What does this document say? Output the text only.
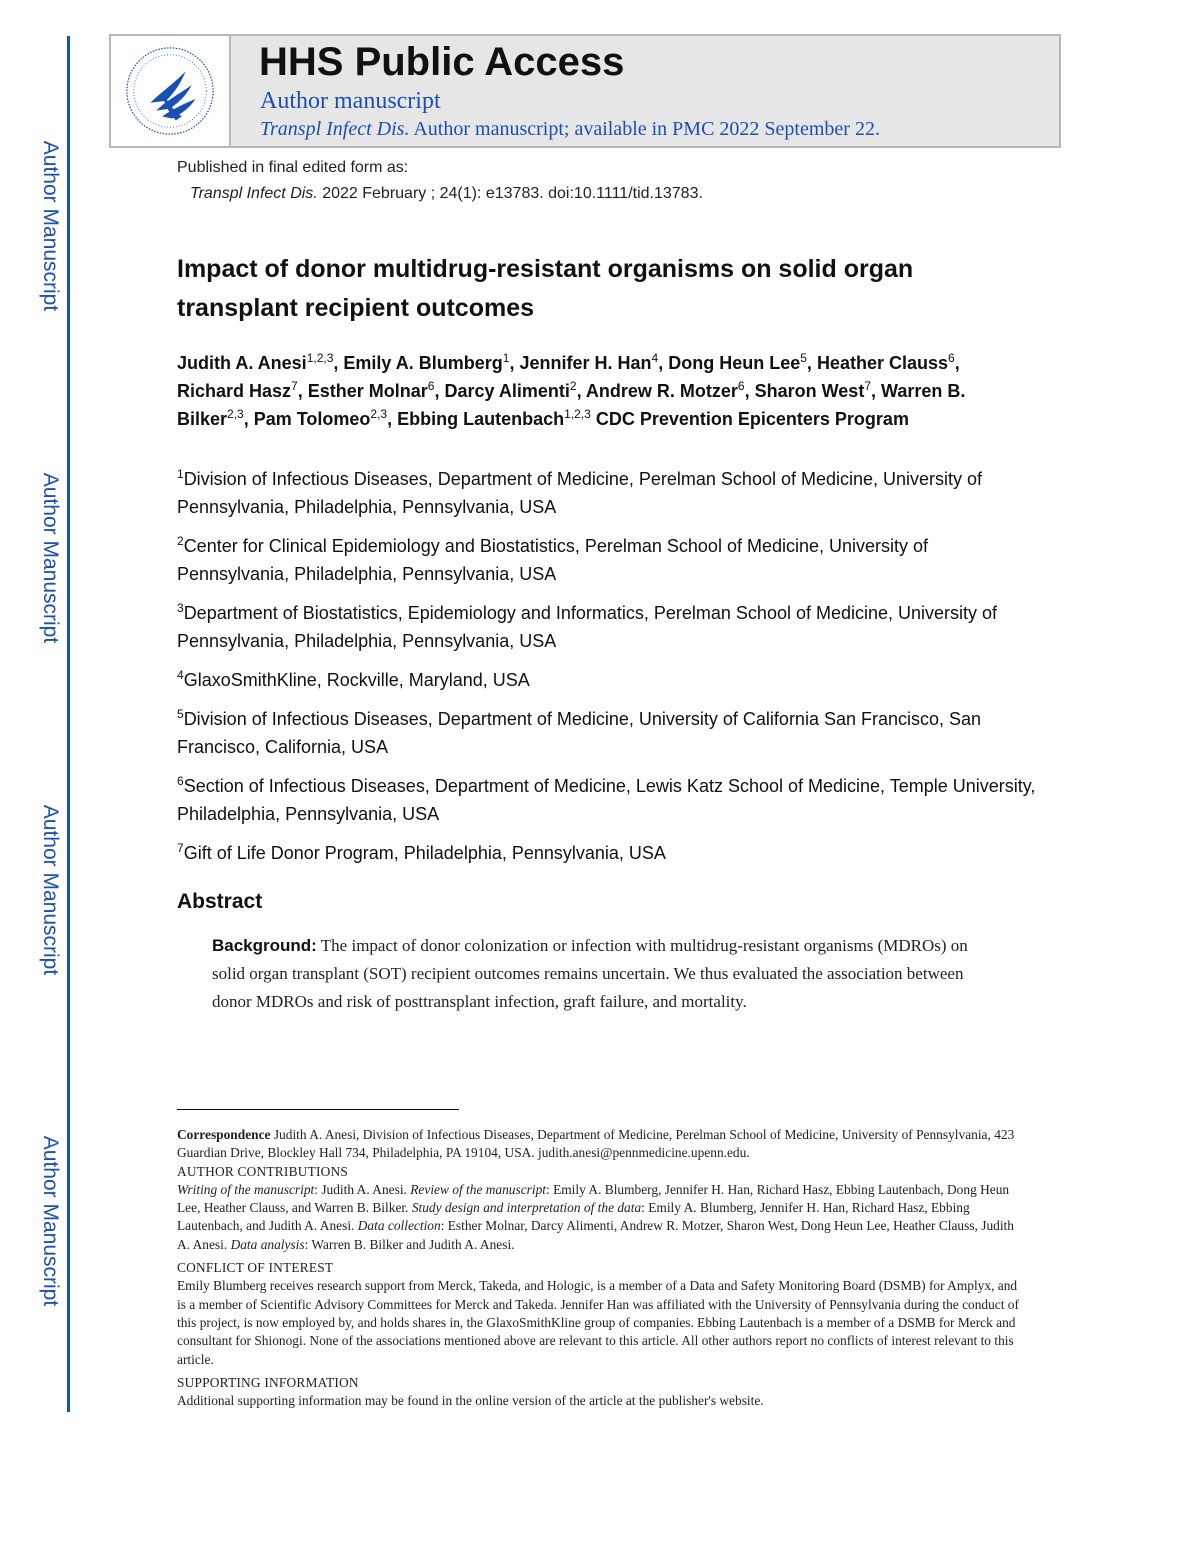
Author Manuscript
Author Manuscript
Author Manuscript
Author Manuscript
HHS Public Access
Author manuscript
Transpl Infect Dis. Author manuscript; available in PMC 2022 September 22.
Published in final edited form as:
Transpl Infect Dis. 2022 February ; 24(1): e13783. doi:10.1111/tid.13783.
Impact of donor multidrug-resistant organisms on solid organ transplant recipient outcomes
Judith A. Anesi$^{1,2,3}$, Emily A. Blumberg$^1$, Jennifer H. Han$^4$, Dong Heun Lee$^5$, Heather Clauss$^6$, Richard Hasz$^7$, Esther Molnar$^6$, Darcy Alimenti$^2$, Andrew R. Motzer$^6$, Sharon West$^7$, Warren B. Bilker$^{2,3}$, Pam Tolomeo$^{2,3}$, Ebbing Lautenbach$^{1,2,3}$ CDC Prevention Epicenters Program

$^1$Division of Infectious Diseases, Department of Medicine, Perelman School of Medicine, University of Pennsylvania, Philadelphia, Pennsylvania, USA

$^2$Center for Clinical Epidemiology and Biostatistics, Perelman School of Medicine, University of Pennsylvania, Philadelphia, Pennsylvania, USA

$^3$Department of Biostatistics, Epidemiology and Informatics, Perelman School of Medicine, University of Pennsylvania, Philadelphia, Pennsylvania, USA

$^4$GlaxoSmithKline, Rockville, Maryland, USA

$^5$Division of Infectious Diseases, Department of Medicine, University of California San Francisco, San Francisco, California, USA

$^6$Section of Infectious Diseases, Department of Medicine, Lewis Katz School of Medicine, Temple University, Philadelphia, Pennsylvania, USA

$^7$Gift of Life Donor Program, Philadelphia, Pennsylvania, USA

Abstract
Background: The impact of donor colonization or infection with multidrug-resistant organisms (MDROs) on solid organ transplant (SOT) recipient outcomes remains uncertain. We thus evaluated the association between donor MDROs and risk of posttransplant infection, graft failure, and mortality.

Correspondence Judith A. Anesi, Division of Infectious Diseases, Department of Medicine, Perelman School of Medicine, University of Pennsylvania, 423 Guardian Drive, Blockley Hall 734, Philadelphia, PA 19104, USA. judith.anesi@pennmedicine.upenn.edu.

AUTHOR CONTRIBUTIONS

Writing of the manuscript: Judith A. Anesi. Review of the manuscript: Emily A. Blumberg, Jennifer H. Han, Richard Hasz, Ebbing Lautenbach, Dong Heun Lee, Heather Clauss, and Warren B. Bilker. Study design and interpretation of the data: Emily A. Blumberg, Jennifer H. Han, Richard Hasz, Ebbing Lautenbach, and Judith A. Anesi. Data collection: Esther Molnar, Darcy Alimenti, Andrew R. Motzer, Sharon West, Dong Heun Lee, Heather Clauss, Judith A. Anesi. Data analysis: Warren B. Bilker and Judith A. Anesi.

CONFLICT OF INTEREST

Emily Blumberg receives research support from Merck, Takeda, and Hologic, is a member of a Data and Safety Monitoring Board (DSMB) for Amplyx, and is a member of Scientific Advisory Committees for Merck and Takeda. Jennifer Han was affiliated with the University of Pennsylvania during the conduct of this project, is now employed by, and holds shares in, the GlaxoSmithKline group of companies. Ebbing Lautenbach is a member of a DSMB for Merck and consultant for Shionogi. None of the associations mentioned above are relevant to this article. All other authors report no conflicts of interest relevant to this article.

SUPPORTING INFORMATION

Additional supporting information may be found in the online version of the article at the publisher's website.
